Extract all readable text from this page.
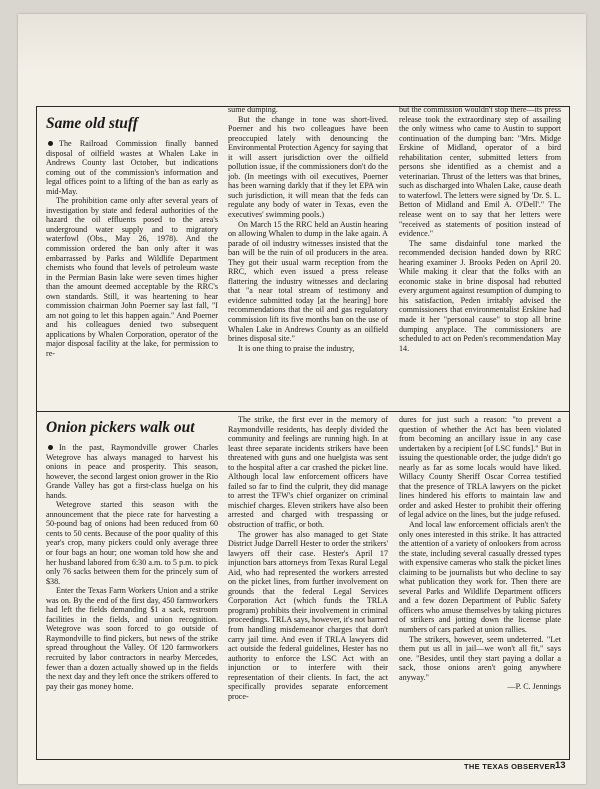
Same old stuff

The Railroad Commission finally banned disposal of oilfield wastes at Whalen Lake in Andrews County last October, but indications coming out of the commission's information and legal offices point to a lifting of the ban as early as mid-May.

The prohibition came only after several years of investigation by state and federal authorities of the hazard the oil effluents posed to the area's underground water supply and to migratory waterfowl (Obs., May 26, 1978). And the commission ordered the ban only after it was embarrassed by Parks and Wildlife Department chemists who found that levels of petroleum waste in the Permian Basin lake were seven times higher than the amount deemed acceptable by the RRC's own standards. Still, it was heartening to hear commission chairman John Poerner say last fall, "I am not going to let this happen again." And Poerner and his colleagues denied two subsequent applications by Whalen Corporation, operator of the major disposal facility at the lake, for permission to re-

sume dumping.

But the change in tone was short-lived. Poerner and his two colleagues have been preoccupied lately with denouncing the Environmental Protection Agency for saying that it will assert jurisdiction over the oilfield pollution issue, if the commissioners don't do the job. (In meetings with oil executives, Poerner has been warning darkly that if they let EPA win such jurisdiction, it will mean that the feds can regulate any body of water in Texas, even the executives' swimming pools.)

On March 15 the RRC held an Austin hearing on allowing Whalen to dump in the lake again. A parade of oil industry witnesses insisted that the ban will be the ruin of oil producers in the area. They got their usual warm reception from the RRC, which even issued a press release flattering the industry witnesses and declaring that "a near total stream of testimony and evidence submitted today [at the hearing] bore recommendations that the oil and gas regulatory commission lift its five months ban on the use of Whalen Lake in Andrews County as an oilfield brines disposal site."

It is one thing to praise the industry,

but the commission wouldn't stop there—its press release took the extraordinary step of assailing the only witness who came to Austin to support continuation of the dumping ban: "Mrs. Midge Erskine of Midland, operator of a bird rehabilitation center, submitted letters from persons she identified as a chemist and a veterinarian. Thrust of the letters was that brines, such as discharged into Whalen Lake, cause death to waterfowl. The letters were signed by 'Dr. S. L. Betton of Midland and Emil A. O'Dell'." The release went on to say that her letters were "received as statements of position instead of evidence."

The same disdainful tone marked the recommended decision handed down by RRC hearing examiner J. Brooks Peden on April 20. While making it clear that the folks with an economic stake in brine disposal had rebutted every argument against resumption of dumping to his satisfaction, Peden irritably advised the commissioners that environmentalist Erskine had made it her "personal cause" to stop all brine dumping anyplace. The commissioners are scheduled to act on Peden's recommendation May 14.

Onion pickers walk out

In the past, Raymondville grower Charles Wetegrove has always managed to harvest his onions in peace and prosperity. This season, however, the second largest onion grower in the Rio Grande Valley has got a first-class huelga on his hands.

Wetegrove started this season with the announcement that the piece rate for harvesting a 50-pound bag of onions had been reduced from 60 cents to 50 cents. Because of the poor quality of this year's crop, many pickers could only average three or four bags an hour; one woman told how she and her husband labored from 6:30 a.m. to 5 p.m. to pick only 76 sacks between them for the princely sum of $38.

Enter the Texas Farm Workers Union and a strike was on. By the end of the first day, 450 farmworkers had left the fields demanding $1 a sack, restroom facilities in the fields, and union recognition. Wetegrove was soon forced to go outside of Raymondville to find pickers, but news of the strike spread throughout the Valley. Of 120 farmworkers recruited by labor contractors in nearby Mercedes, fewer than a dozen actually showed up in the fields the next day and they left once the strikers offered to pay their gas money home.

The strike, the first ever in the memory of Raymondville residents, has deeply divided the community and feelings are running high. In at least three separate incidents strikers have been threatened with guns and one huelgista was sent to the hospital after a car crashed the picket line. Although local law enforcement officers have failed so far to find the culprit, they did manage to arrest the TFW's chief organizer on criminal mischief charges. Eleven strikers have also been arrested and charged with trespassing or obstruction of traffic, or both.

The grower has also managed to get State District Judge Darrell Hester to order the strikers' lawyers off their case. Hester's April 17 injunction bars attorneys from Texas Rural Legal Aid, who had represented the workers arrested on the picket lines, from further involvement on grounds that the federal Legal Services Corporation Act (which funds the TRLA program) prohibits their involvement in criminal proceedings. TRLA says, however, it's not barred from handling misdemeanor charges that don't carry jail time. And even if TRLA lawyers did act outside the federal guidelines, Hester has no authority to enforce the LSC Act with an injunction or to interfere with their representation of their clients. In fact, the act specifically provides separate enforcement proce-

dures for just such a reason: "to prevent a question of whether the Act has been violated from becoming an ancillary issue in any case undertaken by a recipient [of LSC funds]." But in issuing the questionable order, the judge didn't go nearly as far as some locals would have liked. Willacy County Sheriff Oscar Correa testified that the presence of TRLA lawyers on the picket lines hindered his efforts to maintain law and order and asked Hester to prohibit their offering of legal advice on the lines, but the judge refused.

And local law enforcement officials aren't the only ones interested in this strike. It has attracted the attention of a variety of onlookers from across the state, including several casually dressed types with expensive cameras who stalk the picket lines claiming to be journalists but who decline to say what publication they work for. Then there are several Parks and Wildlife Department officers and a few dozen Department of Public Safety officers who amuse themselves by taking pictures of strikers and jotting down the license plate numbers of cars parked at union rallies.

The strikers, however, seem undeterred. "Let them put us all in jail—we won't all fit," says one. "Besides, until they start paying a dollar a sack, those onions aren't going anywhere anyway."

—P. C. Jennings

THE TEXAS OBSERVER 13
